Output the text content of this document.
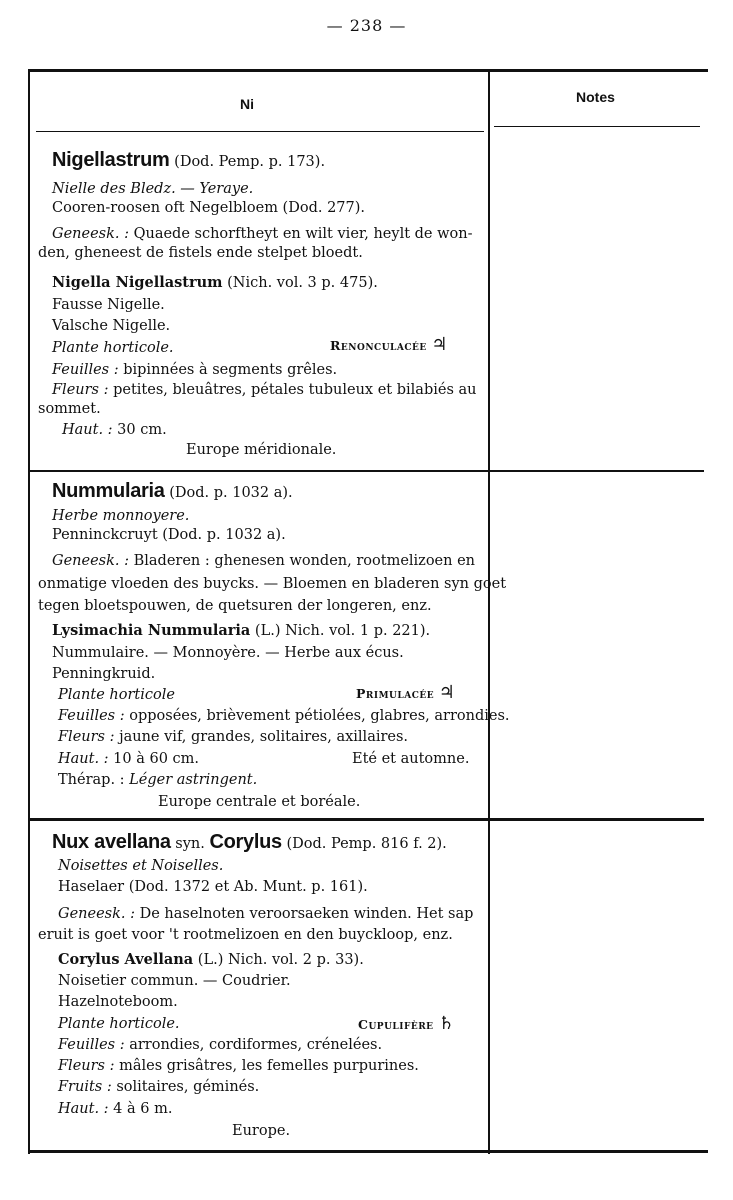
— 238 —
Ni	Notes
Nigellastrum (Dod. Pemp. p. 173).
Nielle des Bledz. — Yeraye.
Cooren-roosen oft Negelbloem (Dod. 277).
Geneesk. : Quaede schorftheyt en wilt vier, heylt de won-
den, gheneest de fistels ende stelpet bloedt.
Nigella Nigellastrum (Nich. vol. 3 p. 475).
Fausse Nigelle.
Valsche Nigelle.
Plante horticole.	Renonculacée ♃
Feuilles : bipinnées à segments grêles.
Fleurs : petites, bleuâtres, pétales tubuleux et bilabiés au
sommet.
Haut. : 30 cm.
Europe méridionale.
Nummularia (Dod. p. 1032 a).
Herbe monnoyere.
Penninckcruyt (Dod. p. 1032 a).
Geneesk. : Bladeren : ghenesen wonden, rootmelizoen en
onmatige vloeden des buycks. — Bloemen en bladeren syn goet
tegen bloetspouwen, de quetsuren der longeren, enz.
Lysimachia Nummularia (L.) Nich. vol. 1 p. 221).
Nummulaire. — Monnoyère. — Herbe aux écus.
Penningkruid.
Plante horticole	Primulacée ♃
Feuilles : opposées, brièvement pétiolées, glabres, arrondies.
Fleurs : jaune vif, grandes, solitaires, axillaires.
Haut. : 10 à 60 cm.	Eté et automne.
Thérap. : Léger astringent.
Europe centrale et boréale.
Nux avellana syn. Corylus (Dod. Pemp. 816 f. 2).
Noisettes et Noiselles.
Haselaer (Dod. 1372 et Ab. Munt. p. 161).
Geneesk. : De haselnoten veroorsaeken winden. Het sap
eruit is goet voor 't rootmelizoen en den buyckloop, enz.
Corylus Avellana (L.) Nich. vol. 2 p. 33).
Noisetier commun. — Coudrier.
Hazelnoteboom.
Plante horticole.	Cupulifère ♄
Feuilles : arrondies, cordiformes, crénelées.
Fleurs : mâles grisâtres, les femelles purpurines.
Fruits : solitaires, géminés.
Haut. : 4 à 6 m.
Europe.
